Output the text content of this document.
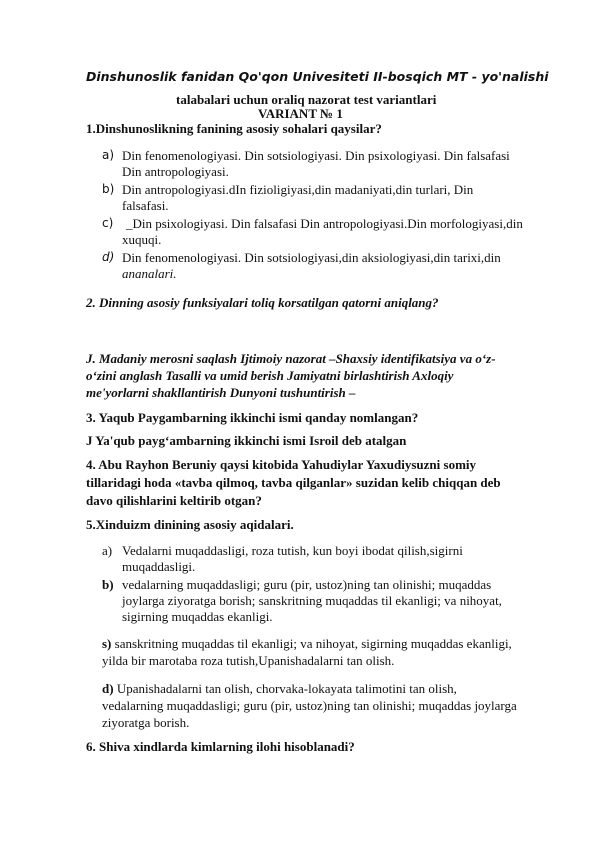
Dinshunoslik fanidan Qo'qon Univesiteti II-bosqich MT - yo'nalishi
talabalari uchun oraliq nazorat test variantlari
VARIANT № 1
1.Dinshunoslikning fanining asosiy sohalari qaysilar?
a) Din fenomenologiyasi. Din sotsiologiyasi. Din psixologiyasi. Din falsafasi
Din antropologiyasi.
b) Din antropologiyasi.dIn fizioligiyasi,din madaniyati,din turlari, Din
falsafasi.
c) _Din psixologiyasi. Din falsafasi Din antropologiyasi.Din morfologiyasi,din
xuquqi.
d) Din fenomenologiyasi. Din sotsiologiyasi,din aksiologiyasi,din tarixi,din
ananalari.
2. Dinning asosiy funksiyalari toliq korsatilgan qatorni aniqlang?
J. Madaniy merosni saqlash Ijtimoiy nazorat –Shaxsiy identifikatsiya va o‘z-
o‘zini anglash Tasalli va umid berish Jamiyatni birlashtirish Axloqiy
me'yorlarni shakllantirish Dunyoni tushuntirish –
3. Yaqub Paygambarning ikkinchi ismi qanday nomlangan?
J Ya'qub payg‘ambarning ikkinchi ismi Isroil deb atalgan
4. Abu Rayhon Beruniy qaysi kitobida Yahudiylar Yaxudiysuzni somiy
tillaridagi hoda «tavba qilmoq, tavba qilganlar» suzidan kelib chiqqan deb
davo qilishlarini keltirib otgan?
5.Xinduizm dinining asosiy aqidalari.
a) Vedalarni muqaddasligi, roza tutish, kun boyi ibodat qilish,sigirni
muqaddasligi.
b) vedalarning muqaddasligi; guru (pir, ustoz)ning tan olinishi; muqaddas
joylarga ziyoratga borish; sanskritning muqaddas til ekanligi; va nihoyat,
sigirning muqaddas ekanligi.
s) sanskritning muqaddas til ekanligi; va nihoyat, sigirning muqaddas ekanligi,
yilda bir marotaba roza tutish,Upanishadalarni tan olish.
d) Upanishadalarni tan olish, chorvaka-lokayata talimotini tan olish,
vedalarning muqaddasligi; guru (pir, ustoz)ning tan olinishi; muqaddas joylarga
ziyoratga borish.
6. Shiva xindlarda kimlarning ilohi hisoblanadi?
